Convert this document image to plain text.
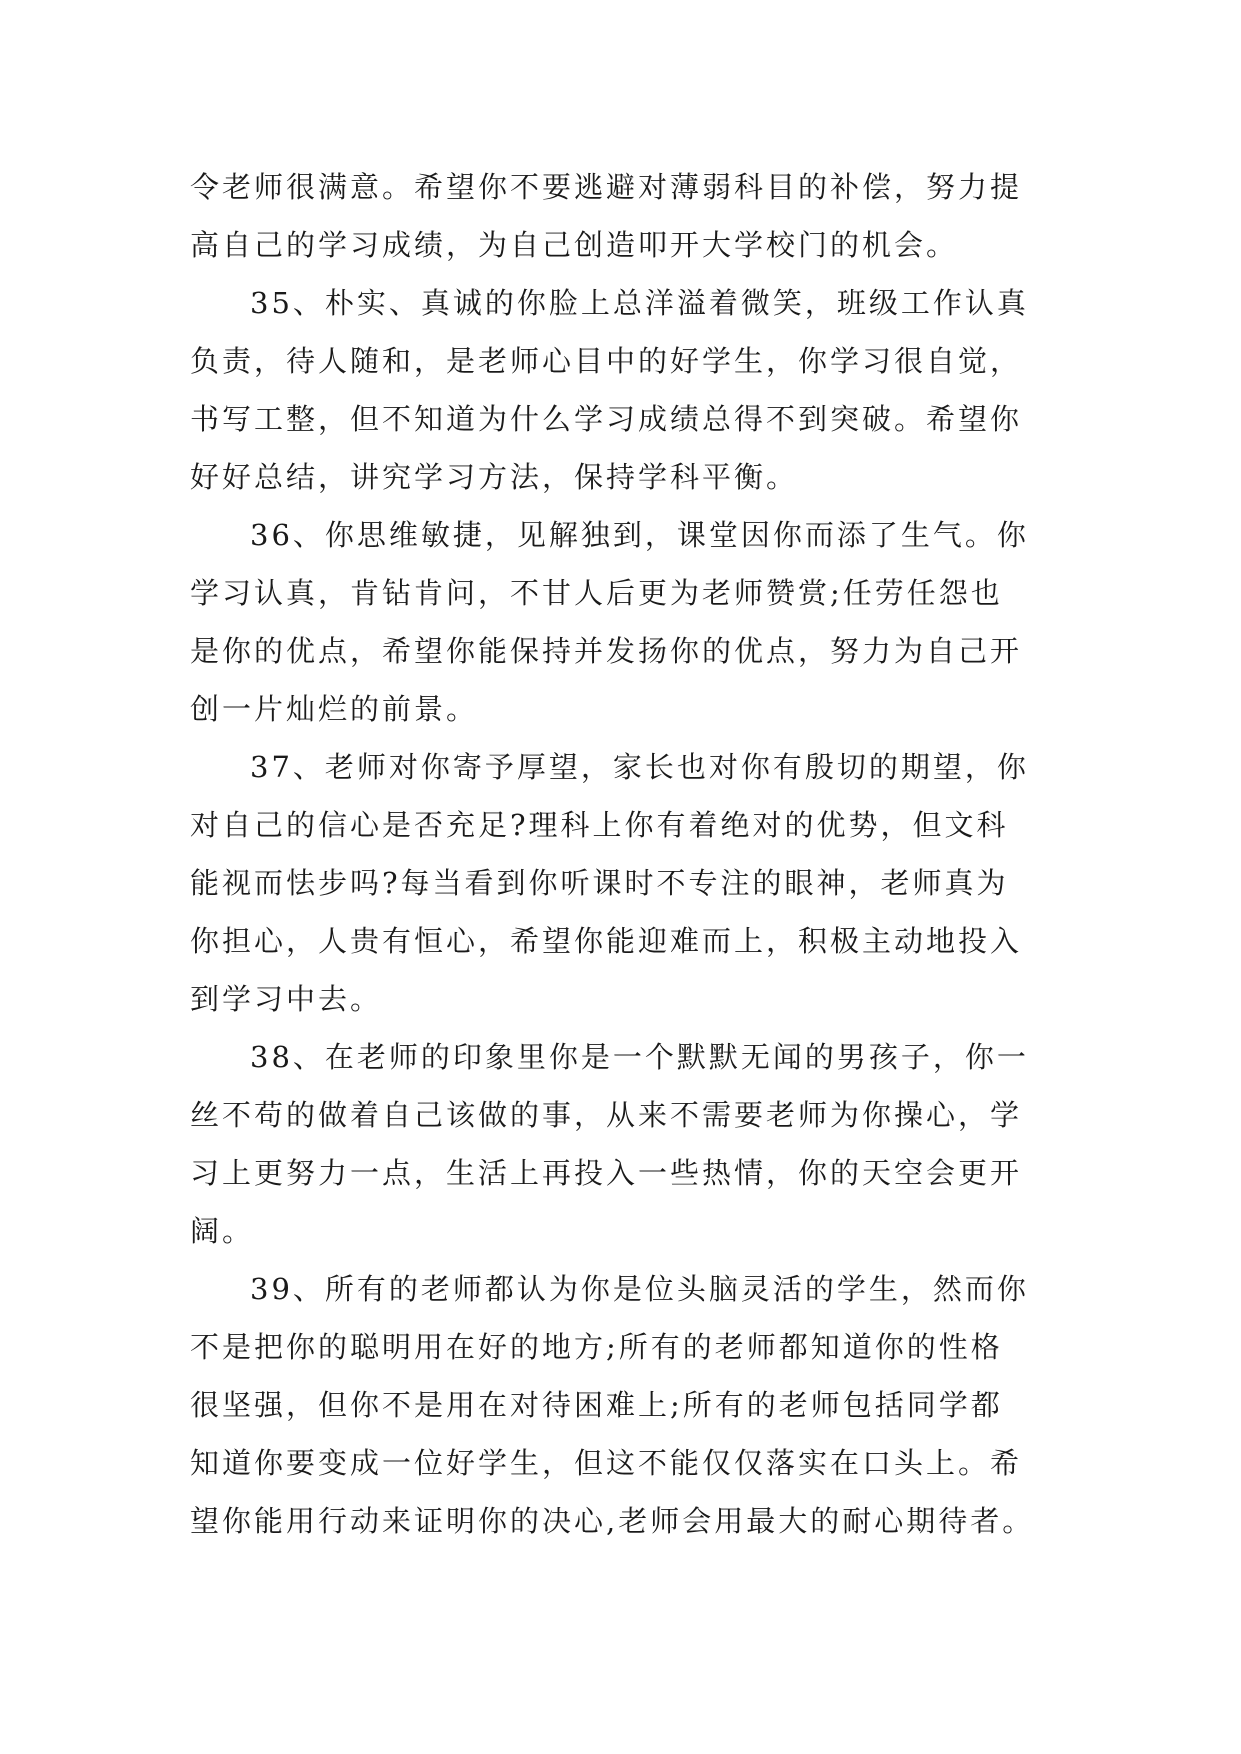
令老师很满意。希望你不要逃避对薄弱科目的补偿，努力提
高自己的学习成绩，为自己创造叩开大学校门的机会。
35、朴实、真诚的你脸上总洋溢着微笑，班级工作认真
负责，待人随和，是老师心目中的好学生，你学习很自觉，
书写工整，但不知道为什么学习成绩总得不到突破。希望你
好好总结，讲究学习方法，保持学科平衡。
36、你思维敏捷，见解独到，课堂因你而添了生气。你
学习认真，肯钻肯问，不甘人后更为老师赞赏;任劳任怨也
是你的优点，希望你能保持并发扬你的优点，努力为自己开
创一片灿烂的前景。
37、老师对你寄予厚望，家长也对你有殷切的期望，你
对自己的信心是否充足?理科上你有着绝对的优势，但文科
能视而怯步吗?每当看到你听课时不专注的眼神，老师真为
你担心，人贵有恒心，希望你能迎难而上，积极主动地投入
到学习中去。
38、在老师的印象里你是一个默默无闻的男孩子，你一
丝不苟的做着自己该做的事，从来不需要老师为你操心，学
习上更努力一点，生活上再投入一些热情，你的天空会更开
阔。
39、所有的老师都认为你是位头脑灵活的学生，然而你
不是把你的聪明用在好的地方;所有的老师都知道你的性格
很坚强，但你不是用在对待困难上;所有的老师包括同学都
知道你要变成一位好学生，但这不能仅仅落实在口头上。希
望你能用行动来证明你的决心,老师会用最大的耐心期待者。
